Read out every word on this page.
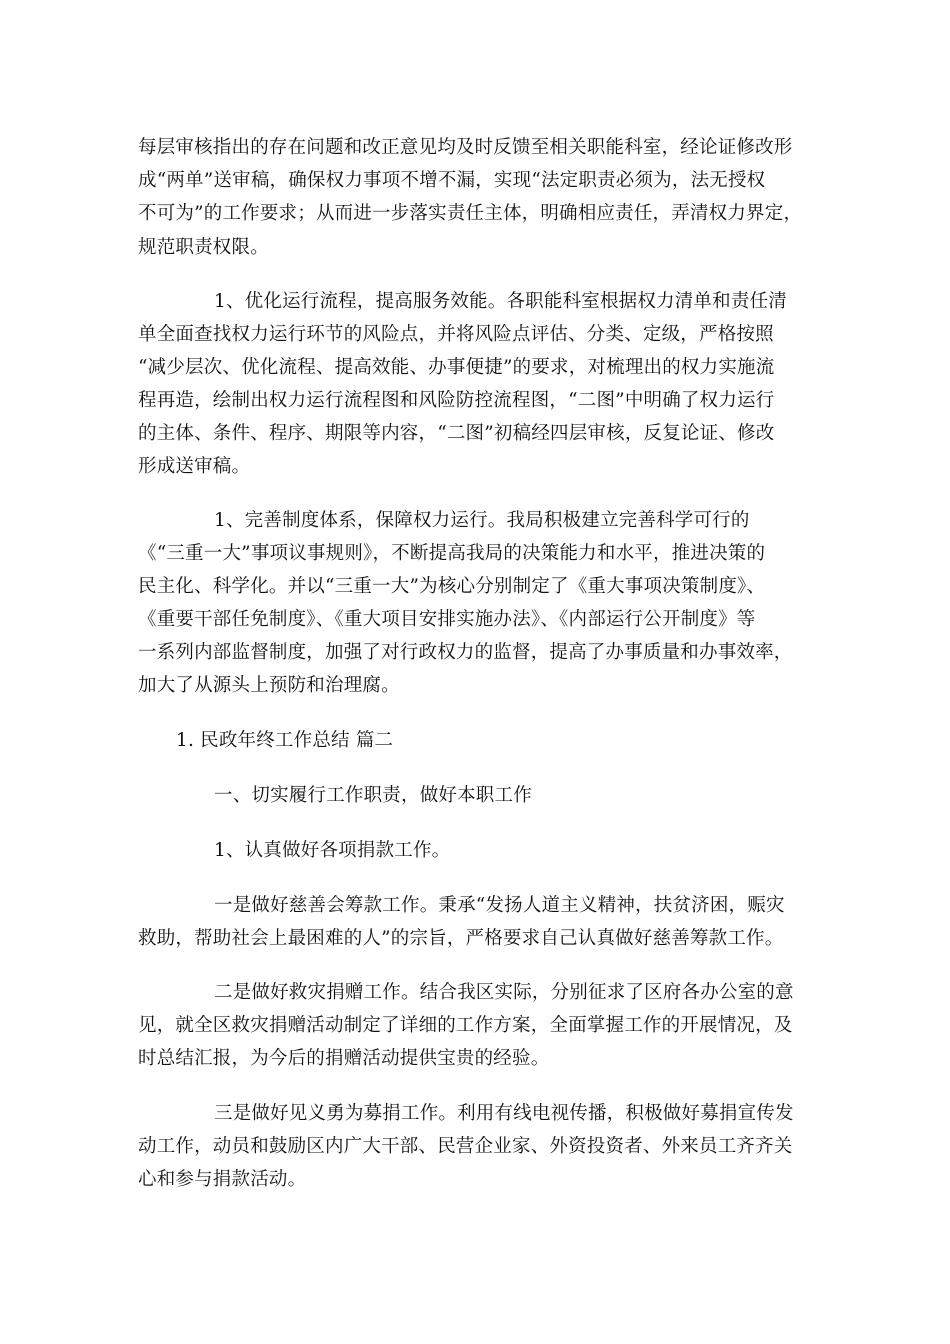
每层审核指出的存在问题和改正意见均及时反馈至相关职能科室，经论证修改形
成“两单”送审稿，确保权力事项不增不漏，实现“法定职责必须为，法无授权
不可为”的工作要求；从而进一步落实责任主体，明确相应责任，弄清权力界定，
规范职责权限。
1、优化运行流程，提高服务效能。各职能科室根据权力清单和责任清
单全面查找权力运行环节的风险点，并将风险点评估、分类、定级，严格按照
“减少层次、优化流程、提高效能、办事便捷”的要求，对梳理出的权力实施流
程再造，绘制出权力运行流程图和风险防控流程图，“二图”中明确了权力运行
的主体、条件、程序、期限等内容，“二图”初稿经四层审核，反复论证、修改
形成送审稿。
1、完善制度体系，保障权力运行。我局积极建立完善科学可行的
《“三重一大”事项议事规则》，不断提高我局的决策能力和水平，推进决策的
民主化、科学化。并以“三重一大”为核心分别制定了《重大事项决策制度》、
《重要干部任免制度》、《重大项目安排实施办法》、《内部运行公开制度》等
一系列内部监督制度，加强了对行政权力的监督，提高了办事质量和办事效率，
加大了从源头上预防和治理腐。
1. 民政年终工作总结 篇二
一、切实履行工作职责，做好本职工作
1、认真做好各项捐款工作。
一是做好慈善会筹款工作。秉承“发扬人道主义精神，扶贫济困，赈灾
救助，帮助社会上最困难的人”的宗旨，严格要求自己认真做好慈善筹款工作。
二是做好救灾捐赠工作。结合我区实际，分别征求了区府各办公室的意
见，就全区救灾捐赠活动制定了详细的工作方案，全面掌握工作的开展情况，及
时总结汇报，为今后的捐赠活动提供宝贵的经验。
三是做好见义勇为募捐工作。利用有线电视传播，积极做好募捐宣传发
动工作，动员和鼓励区内广大干部、民营企业家、外资投资者、外来员工齐齐关
心和参与捐款活动。
